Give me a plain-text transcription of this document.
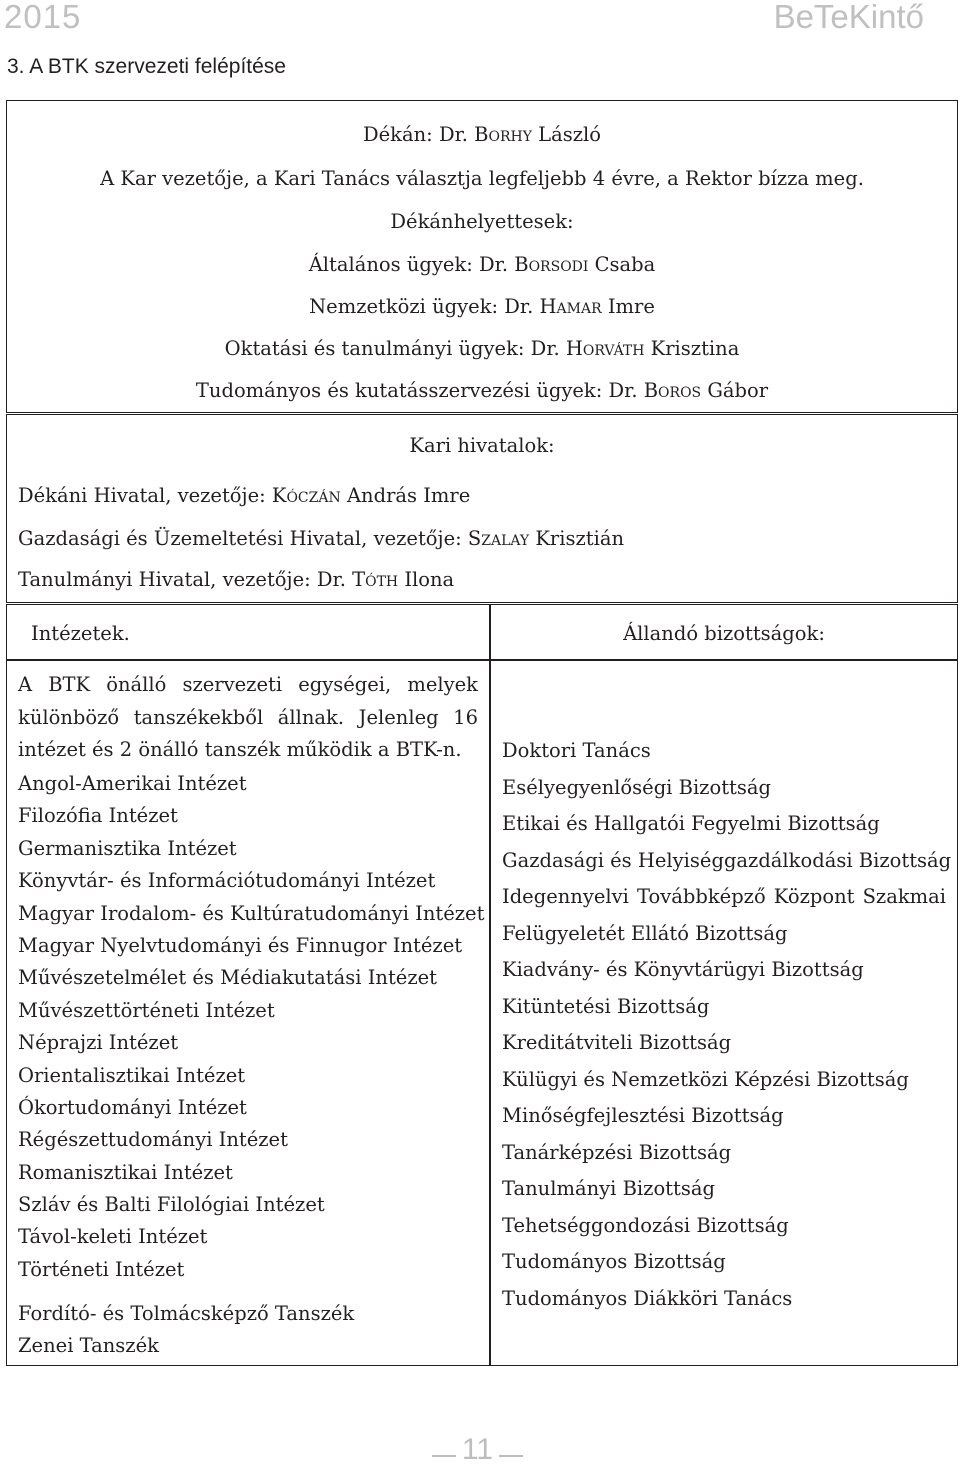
2015	BeTeKintő
3. A BTK szervezeti felépítése
Dékán: Dr. Borhy László
A Kar vezetője, a Kari Tanács választja legfeljebb 4 évre, a Rektor bízza meg.
Dékánhelyettesek:
Általános ügyek: Dr. Borsodi Csaba
Nemzetközi ügyek: Dr. Hamar Imre
Oktatási és tanulmányi ügyek: Dr. Horváth Krisztina
Tudományos és kutatásszervezési ügyek: Dr. Boros Gábor
Kari hivatalok:
Dékáni Hivatal, vezetője: Kóczán András Imre
Gazdasági és Üzemeltetési Hivatal, vezetője: Szalay Krisztián
Tanulmányi Hivatal, vezetője: Dr. Tóth Ilona
Intézetek.
A BTK önálló szervezeti egységei, melyek különböző tanszékekből állnak. Jelenleg 16 intézet és 2 önálló tanszék működik a BTK-n.
Angol-Amerikai Intézet
Filozófia Intézet
Germanisztika Intézet
Könyvtár- és Információtudományi Intézet
Magyar Irodalom- és Kultúratudományi Intézet
Magyar Nyelvtudományi és Finnugor Intézet
Művészetelmélet és Médiakutatási Intézet
Művészettörténeti Intézet
Néprajzi Intézet
Orientalisztikai Intézet
Ókortudományi Intézet
Régészettudományi Intézet
Romanisztikai Intézet
Szláv és Balti Filológiai Intézet
Távol-keleti Intézet
Történeti Intézet
Fordító- és Tolmácsképző Tanszék
Zenei Tanszék
Állandó bizottságok:
Doktori Tanács
Esélyegyenlőségi Bizottság
Etikai és Hallgatói Fegyelmi Bizottság
Gazdasági és Helyiséggazdálkodási Bizottság
Idegennyelvi Továbbképző Központ Szakmai
Felügyeletét Ellátó Bizottság
Kiadvány- és Könyvtárügyi Bizottság
Kitüntetési Bizottság
Kreditátviteli Bizottság
Külügyi és Nemzetközi Képzési Bizottság
Minőségfejlesztési Bizottság
Tanárképzési Bizottság
Tanulmányi Bizottság
Tehetséggondozási Bizottság
Tudományos Bizottság
Tudományos Diákköri Tanács
11
